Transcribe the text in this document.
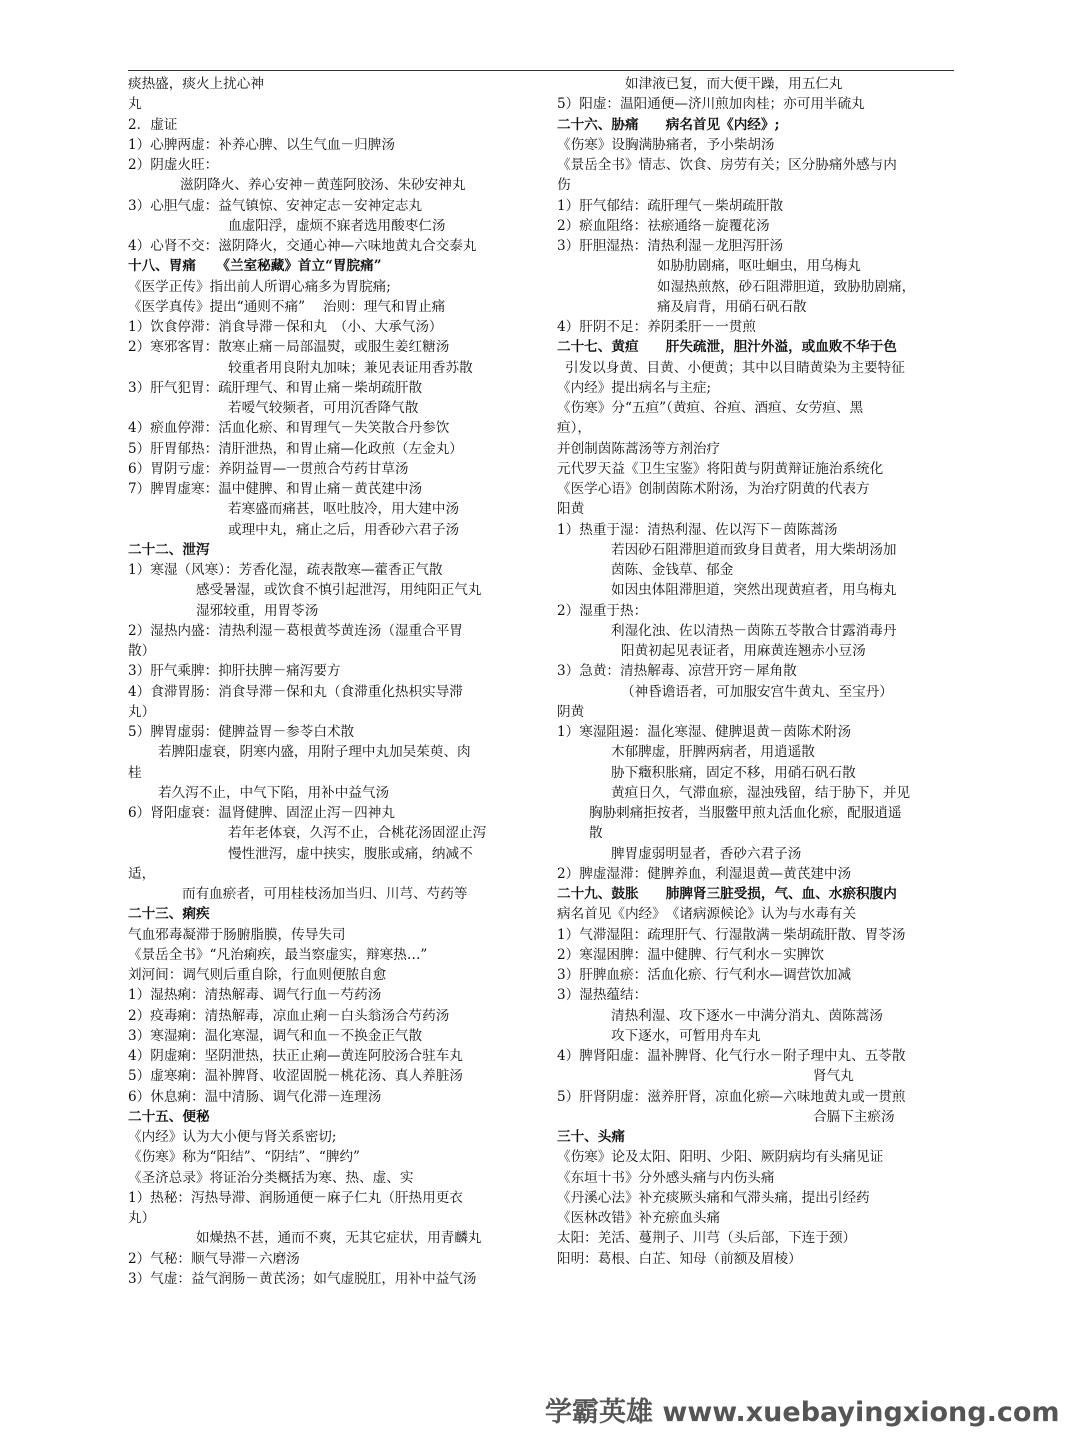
痰热盛，痰火上扰心神
丸
2．虚证
1）心脾两虚：补养心脾、以生气血－归脾汤
2）阴虚火旺：
滋阴降火、养心安神－黄莲阿胶汤、朱砂安神丸
3）心胆气虚：益气镇惊、安神定志－安神定志丸
血虚阳浮，虚烦不寐者选用酸枣仁汤
4）心肾不交：滋阴降火，交通心神—六味地黄丸合交泰丸
十八、胃痛　　《兰室秘藏》首立“胃脘痛”
《医学正传》指出前人所谓心痛多为胃脘痛;
《医学真传》提出“通则不痛”　 治则：理气和胃止痛
1）饮食停滞：消食导滞－保和丸　（小、大承气汤）
2）寒邪客胃：散寒止痛－局部温熨，或服生姜红糖汤
较重者用良附丸加味；兼见表证用香苏散
3）肝气犯胃：疏肝理气、和胃止痛－柴胡疏肝散
若嗳气较频者，可用沉香降气散
4）瘀血停滞：活血化瘀、和胃理气－失笑散合丹参饮
5）肝胃郁热：清肝泄热，和胃止痛—化政煎（左金丸）
6）胃阴亏虚：养阴益胃—一贯煎合芍药甘草汤
7）脾胃虚寒：温中健脾、和胃止痛－黄芪建中汤
若寒盛而痛甚，呕吐肢冷，用大建中汤
或理中丸，痛止之后，用香砂六君子汤
二十二、泄泻
1）寒湿（风寒）：芳香化湿，疏表散寒—藿香正气散
感受暑湿，或饮食不慎引起泄泻，用纯阳正气丸
湿邪较重，用胃苓汤
2）湿热内盛：清热利湿－葛根黄芩黄连汤（湿重合平胃
散）
3）肝气乘脾：抑肝扶脾－痛泻要方
4）食滞胃肠：消食导滞－保和丸（食滞重化热枳实导滞
丸）
5）脾胃虚弱：健脾益胃－参苓白术散
若脾阳虚衰，阴寒内盛，用附子理中丸加吴茱萸、肉
桂
若久泻不止，中气下陷，用补中益气汤
6）肾阳虚衰：温肾健脾、固涩止泻－四神丸
若年老体衰，久泻不止，合桃花汤固涩止泻
慢性泄泻，虚中挟实，腹胀或痛，纳减不
适，
而有血瘀者，可用桂枝汤加当归、川芎、芍药等
二十三、痢疾
气血邪毒凝滞于肠腑脂膜，传导失司
《景岳全书》“凡治痢疾，最当察虚实，辩寒热…”
刘河间：调气则后重自除，行血则便脓自愈
1）湿热痢：清热解毒、调气行血－芍药汤
2）疫毒痢：清热解毒，凉血止痢－白头翁汤合芍药汤
3）寒湿痢：温化寒湿，调气和血－不换金正气散
4）阴虚痢：坚阴泄热，扶正止痢—黄连阿胶汤合驻车丸
5）虚寒痢：温补脾肾、收涩固脱－桃花汤、真人养脏汤
6）休息痢：温中清肠、调气化滞－连理汤
二十五、便秘
《内经》认为大小便与肾关系密切;
《伤寒》称为“阳结”、“阴结”、“脾约”
《圣济总录》将证治分类概括为寒、热、虚、实
1）热秘：泻热导滞、润肠通便－麻子仁丸（肝热用更衣
丸）
如燥热不甚，通而不爽，无其它症状，用青麟丸
2）气秘：顺气导滞－六磨汤
3）气虚：益气润肠－黄芪汤；如气虚脱肛，用补中益气汤
如津液已复，而大便干躁，用五仁丸
5）阳虚：温阳通便—济川煎加肉桂；亦可用半硫丸
二十六、胁痛　　病名首见《内经》;
《伤寒》设胸满胁痛者，予小柴胡汤
《景岳全书》情志、饮食、房劳有关；区分胁痛外感与内
伤
1）肝气郁结：疏肝理气－柴胡疏肝散
2）瘀血阻络：祛瘀通络－旋覆花汤
3）肝胆湿热：清热利湿－龙胆泻肝汤
如胁肋剧痛，呕吐蛔虫，用乌梅丸
如湿热煎熬，砂石阻滞胆道，致胁肋剧痛，
痛及肩背，用硝石矾石散
4）肝阴不足：养阴柔肝－一贯煎
二十七、黄疸　　肝失疏泄，胆汁外溢，或血败不华于色
引发以身黄、目黄、小便黄；其中以目睛黄染为主要特征
《内经》提出病名与主症;
《伤寒》分“五疸”（黄疸、谷疸、酒疸、女劳疸、黑
疸），
并创制茵陈蒿汤等方剂治疗
元代罗天益《卫生宝鉴》将阳黄与阴黄辩证施治系统化
《医学心语》创制茵陈术附汤，为治疗阴黄的代表方
阳黄
1）热重于湿：清热利湿、佐以泻下－茵陈蒿汤
若因砂石阻滞胆道而致身目黄者，用大柴胡汤加
茵陈、金钱草、郁金
如因虫体阻滞胆道，突然出现黄疸者，用乌梅丸
2）湿重于热：
利湿化浊、佐以清热－茵陈五苓散合甘露消毒丹
阳黄初起见表证者，用麻黄连翘赤小豆汤
3）急黄：清热解毒、凉营开窍－犀角散
（神昏谵语者，可加服安宫牛黄丸、至宝丹）
阴黄
1）寒湿阻遏：温化寒湿、健脾退黄－茵陈术附汤
木郁脾虚，肝脾两病者，用逍遥散
胁下癥积胀痛，固定不移，用硝石矾石散
黄疸日久，气滞血瘀，湿浊残留，结于胁下，并见
胸胁刺痛拒按者，当服鳖甲煎丸活血化瘀，配服逍遥
散
脾胃虚弱明显者，香砂六君子汤
2）脾虚湿滞：健脾养血，利湿退黄—黄芪建中汤
二十九、鼓胀　　肺脾肾三脏受损，气、血、水瘀积腹内
病名首见《内经》　《诸病源候论》认为与水毒有关
1）气滞湿阻：疏理肝气、行湿散满－柴胡疏肝散、胃苓汤
2）寒湿困脾：温中健脾、行气利水－实脾饮
3）肝脾血瘀：活血化瘀、行气利水—调营饮加减
3）湿热蕴结：
清热利湿、攻下逐水－中满分消丸、茵陈蒿汤
攻下逐水，可暂用舟车丸
4）脾肾阳虚：温补脾肾、化气行水－附子理中丸、五苓散
肾气丸
5）肝肾阴虚：滋养肝肾，凉血化瘀—六味地黄丸或一贯煎
合膈下主瘀汤
三十、头痛
《伤寒》论及太阳、阳明、少阳、厥阴病均有头痛见证
《东垣十书》分外感头痛与内伤头痛
《丹溪心法》补充痰厥头痛和气滞头痛，提出引经药
《医林改错》补充瘀血头痛
太阳：羌活、蔓荆子、川芎（头后部，下连于颈）
阳明：葛根、白芷、知母（前额及眉棱）
学霸英雄 www.xuebayingxiong.com
